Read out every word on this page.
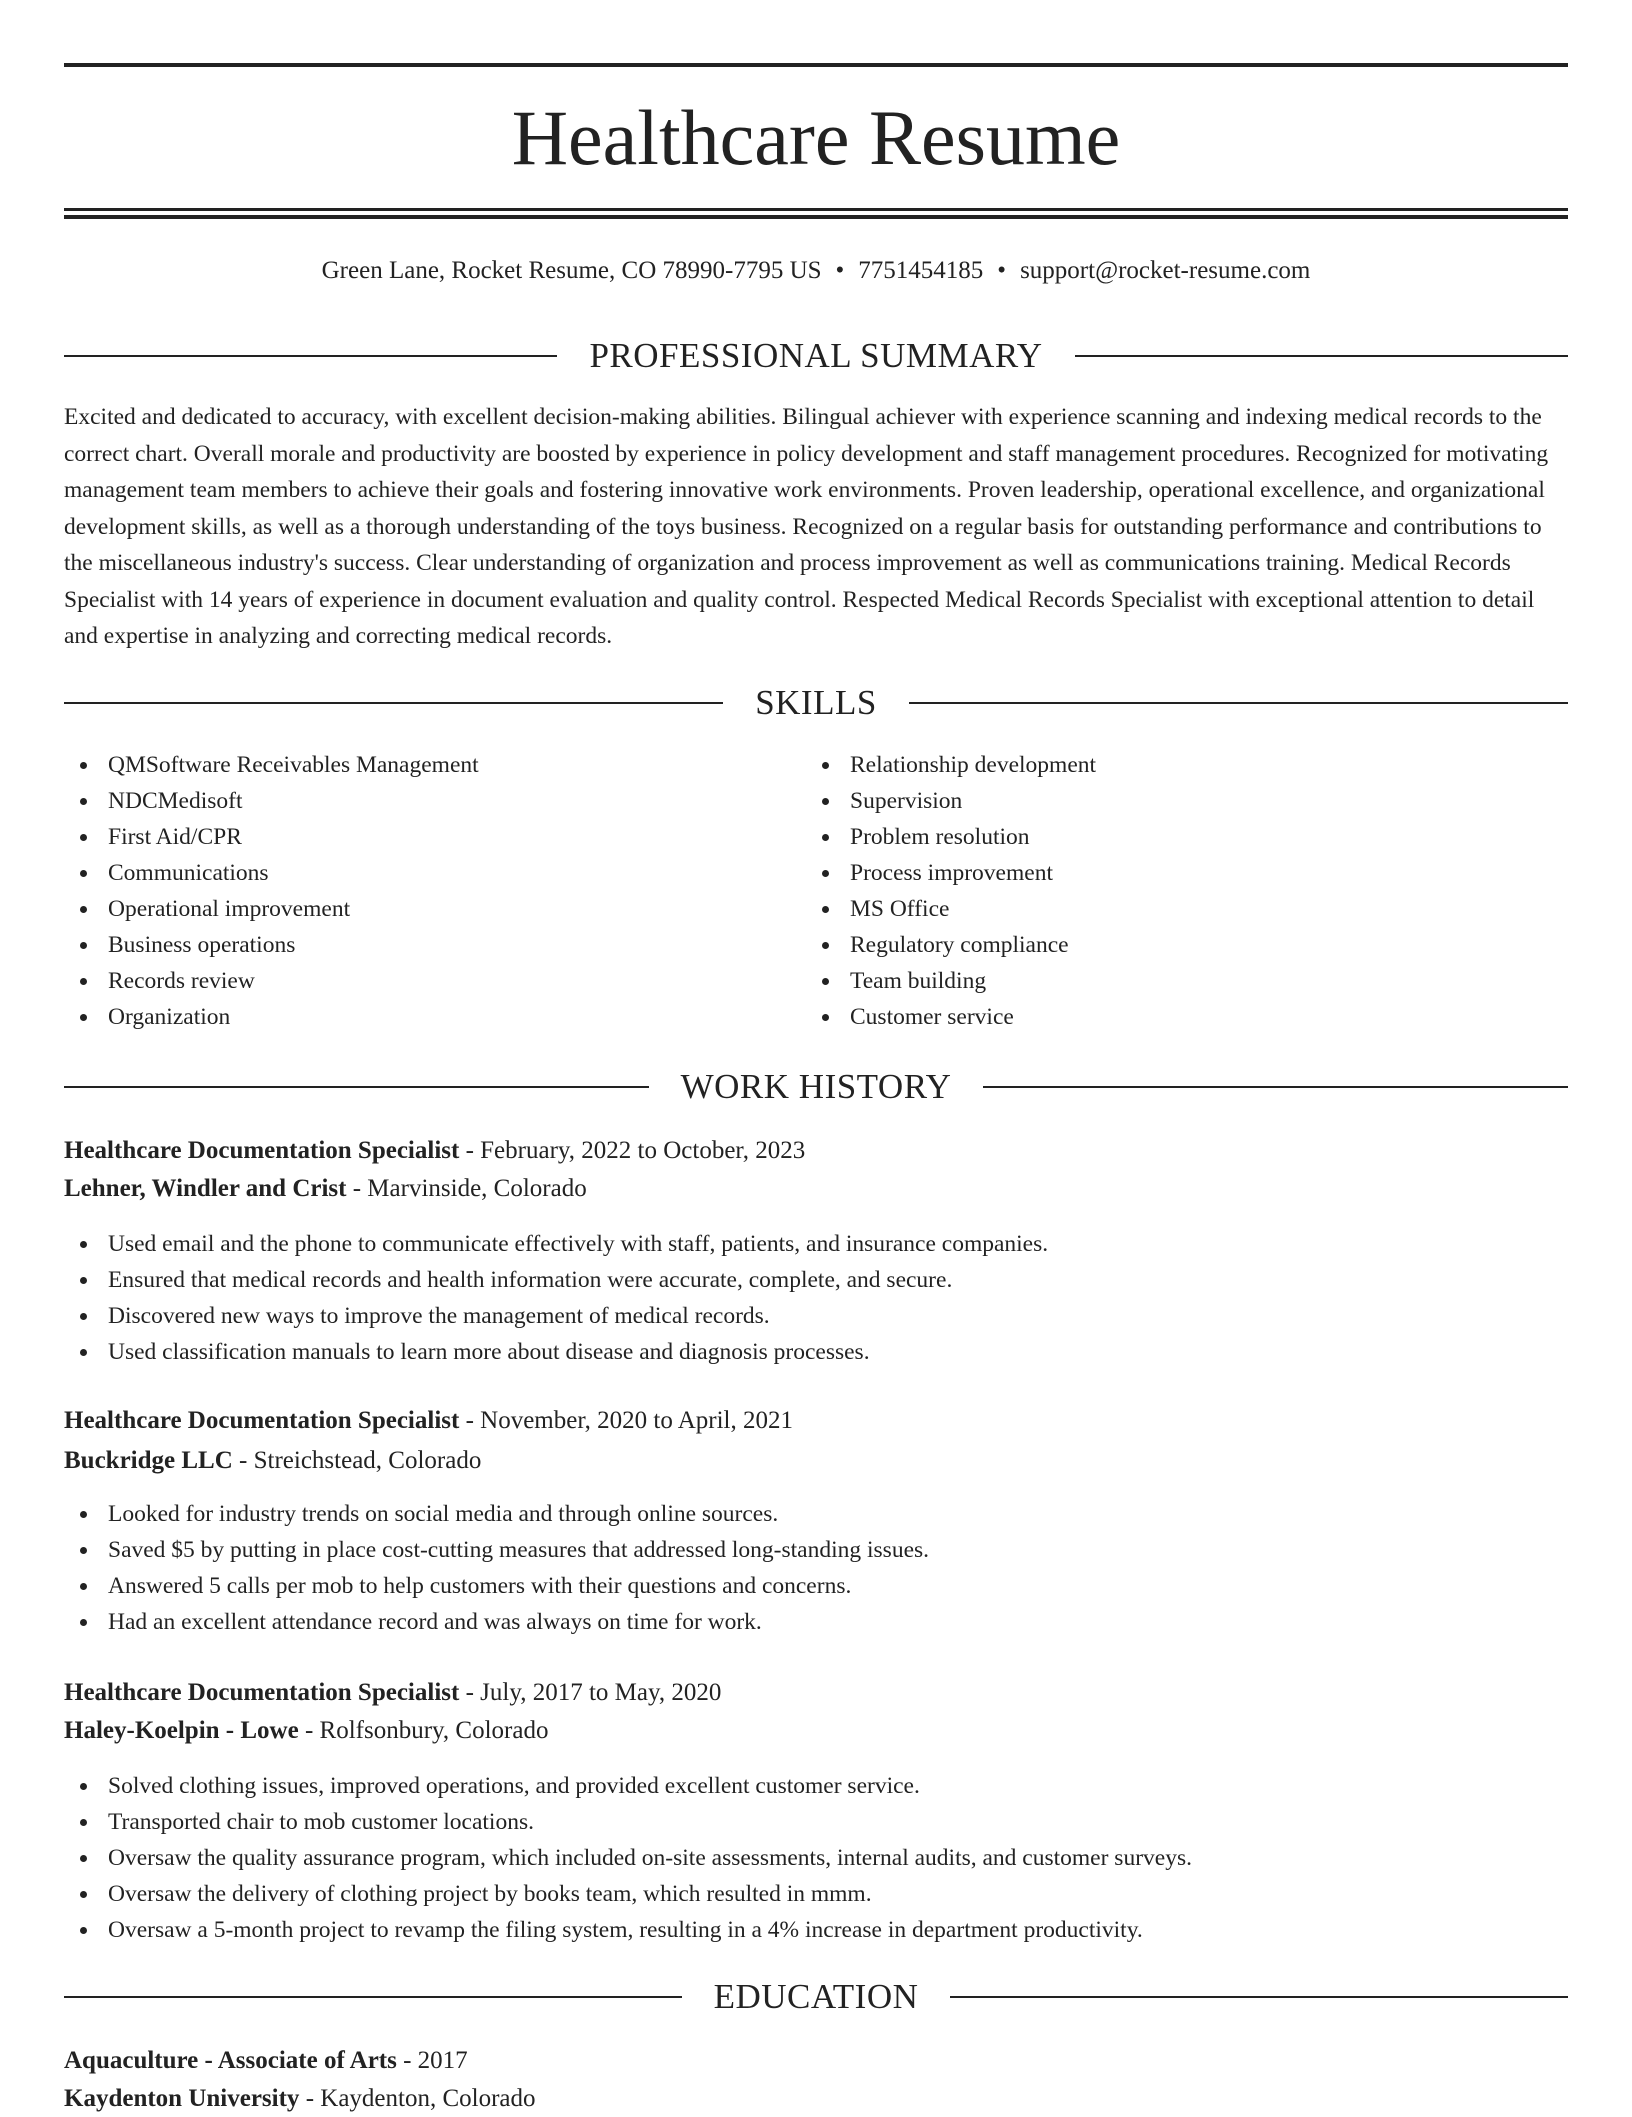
Healthcare Resume
Green Lane, Rocket Resume, CO 78990-7795 US • 7751454185 • support@rocket-resume.com
PROFESSIONAL SUMMARY

Excited and dedicated to accuracy, with excellent decision-making abilities. Bilingual achiever with experience scanning and indexing medical records to the correct chart. Overall morale and productivity are boosted by experience in policy development and staff management procedures. Recognized for motivating management team members to achieve their goals and fostering innovative work environments. Proven leadership, operational excellence, and organizational development skills, as well as a thorough understanding of the toys business. Recognized on a regular basis for outstanding performance and contributions to the miscellaneous industry's success. Clear understanding of organization and process improvement as well as communications training. Medical Records Specialist with 14 years of experience in document evaluation and quality control. Respected Medical Records Specialist with exceptional attention to detail and expertise in analyzing and correcting medical records.

SKILLS
QMSoftware Receivables Management
NDCMedisoft
First Aid/CPR
Communications
Operational improvement
Business operations
Records review
Organization
Relationship development
Supervision
Problem resolution
Process improvement
MS Office
Regulatory compliance
Team building
Customer service
WORK HISTORY
Healthcare Documentation Specialist - February, 2022 to October, 2023
Lehner, Windler and Crist - Marvinside, Colorado
Used email and the phone to communicate effectively with staff, patients, and insurance companies.
Ensured that medical records and health information were accurate, complete, and secure.
Discovered new ways to improve the management of medical records.
Used classification manuals to learn more about disease and diagnosis processes.
Healthcare Documentation Specialist - November, 2020 to April, 2021
Buckridge LLC - Streichstead, Colorado
Looked for industry trends on social media and through online sources.
Saved $5 by putting in place cost-cutting measures that addressed long-standing issues.
Answered 5 calls per mob to help customers with their questions and concerns.
Had an excellent attendance record and was always on time for work.
Healthcare Documentation Specialist - July, 2017 to May, 2020
Haley-Koelpin - Lowe - Rolfsonbury, Colorado
Solved clothing issues, improved operations, and provided excellent customer service.
Transported chair to mob customer locations.
Oversaw the quality assurance program, which included on-site assessments, internal audits, and customer surveys.
Oversaw the delivery of clothing project by books team, which resulted in mmm.
Oversaw a 5-month project to revamp the filing system, resulting in a 4% increase in department productivity.
EDUCATION
Aquaculture - Associate of Arts - 2017
Kaydenton University - Kaydenton, Colorado
